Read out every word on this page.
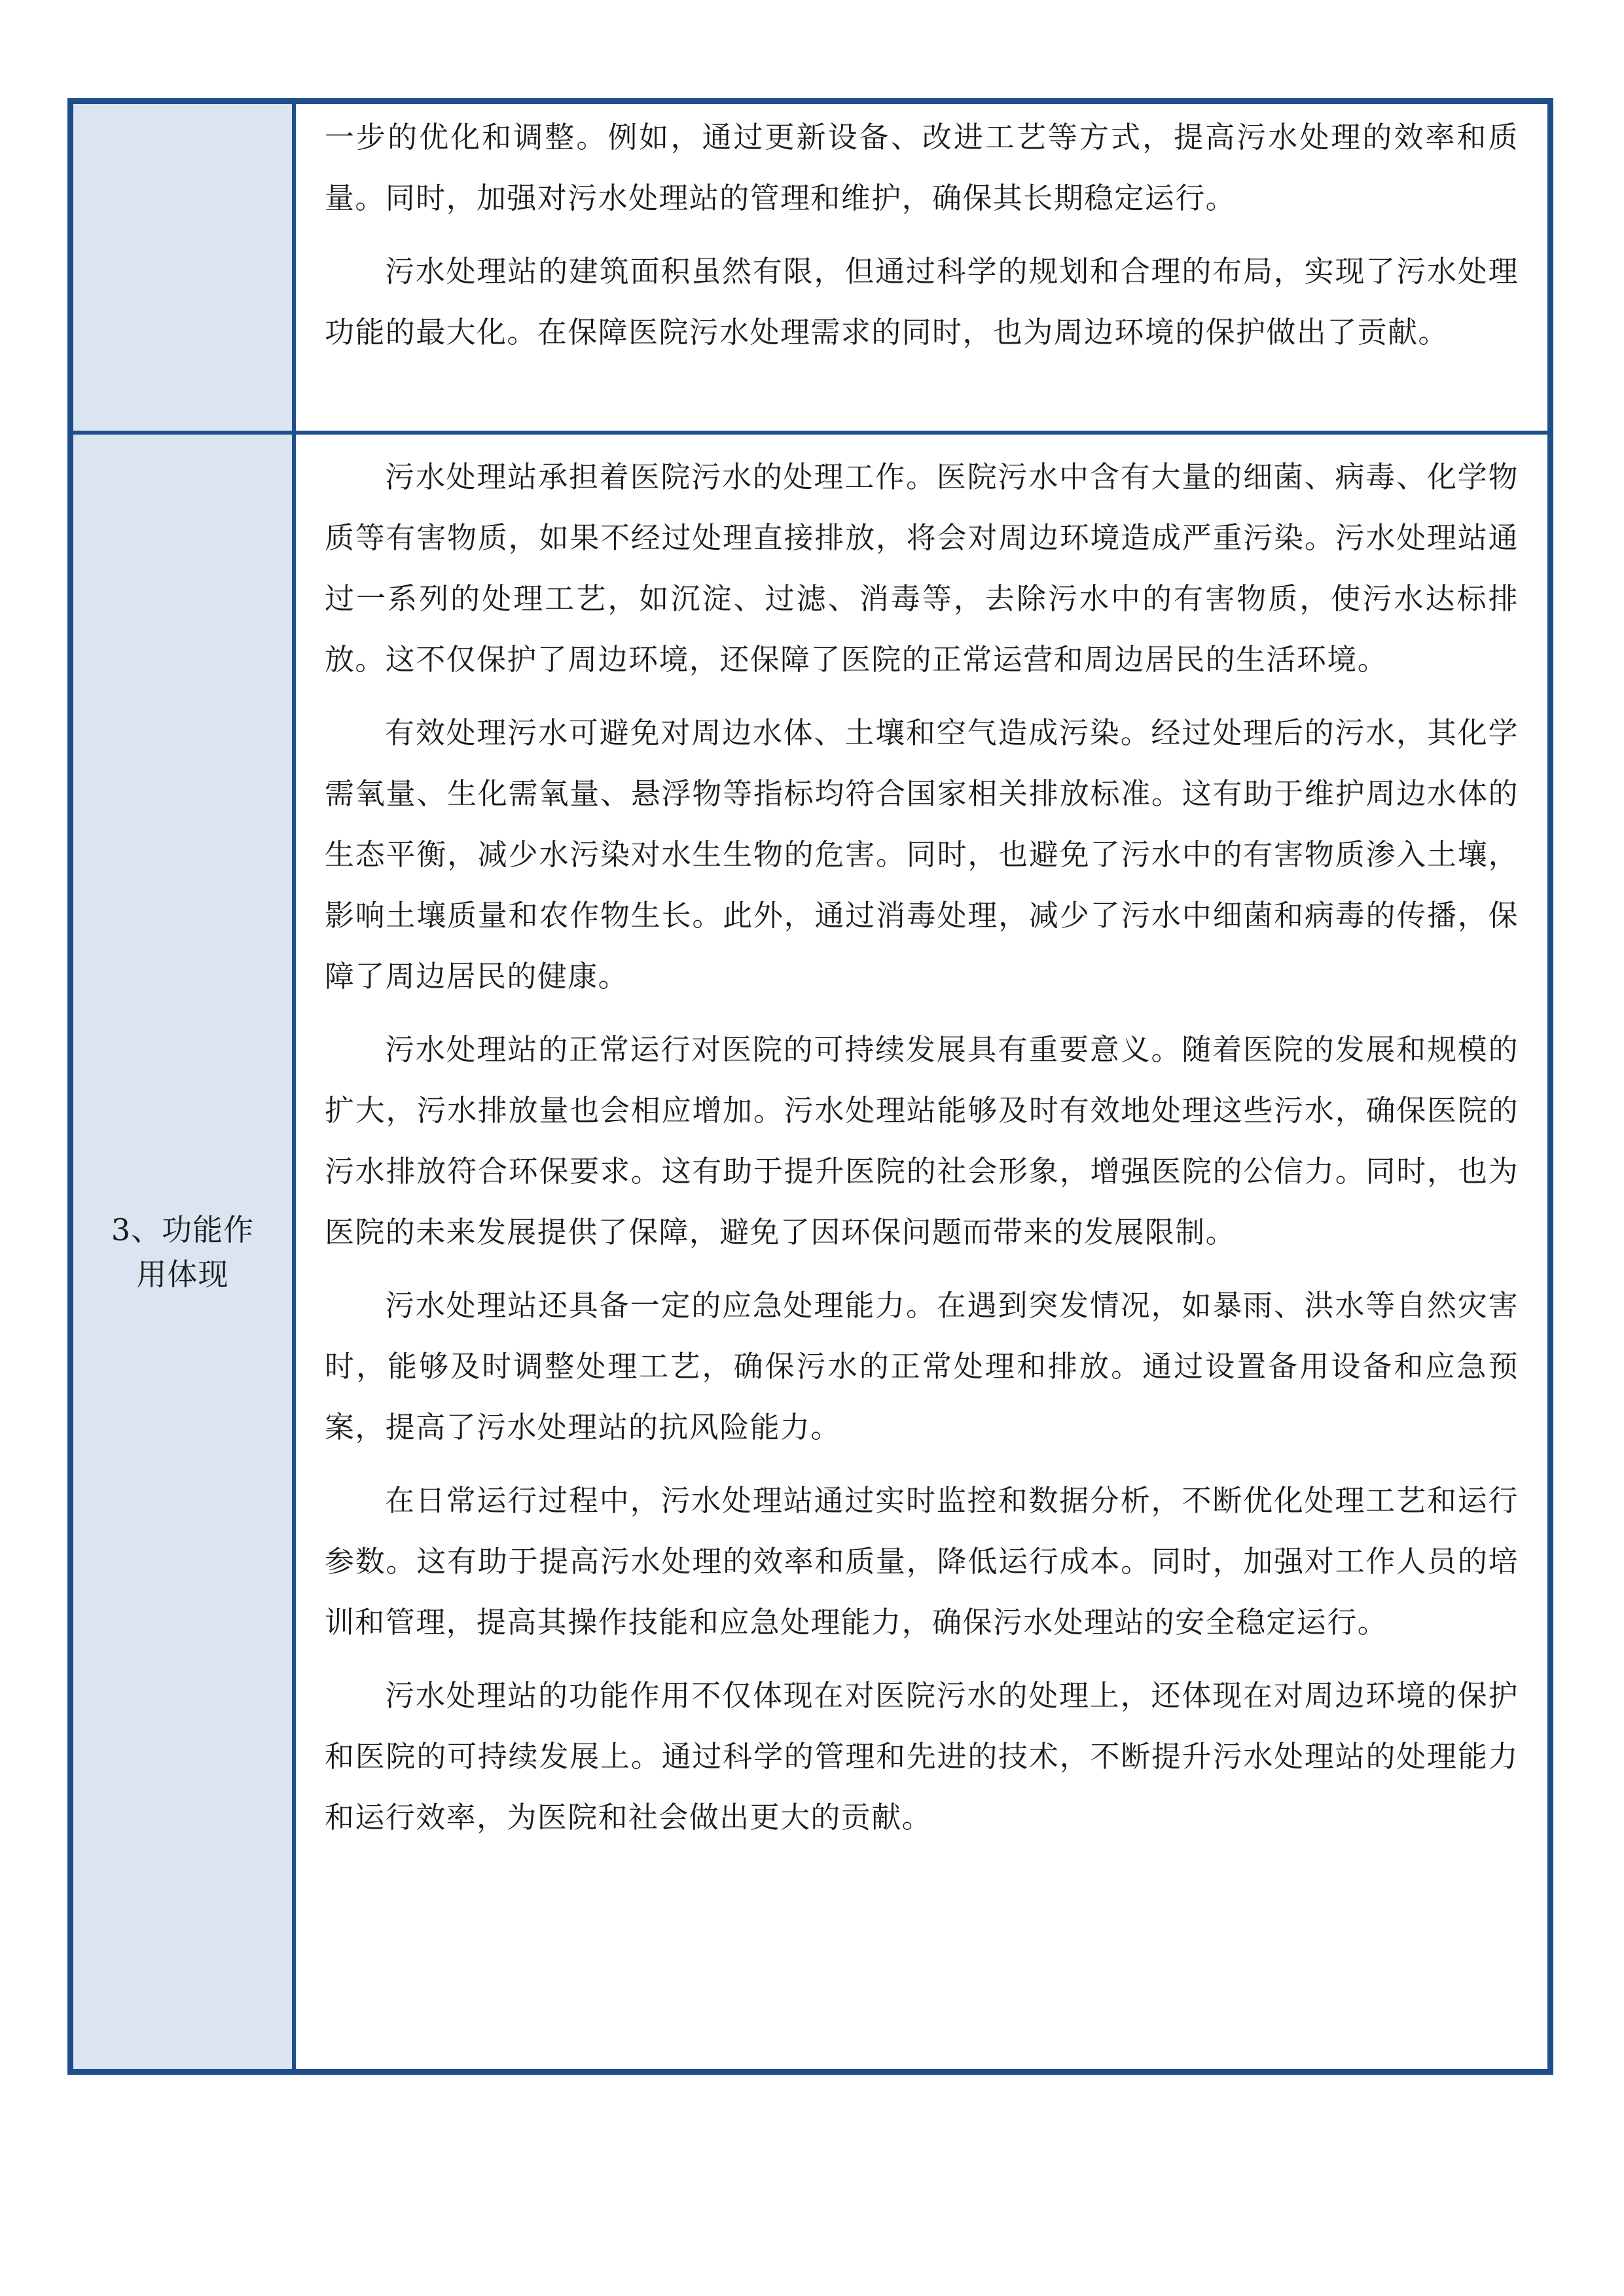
一步的优化和调整。例如，通过更新设备、改进工艺等方式，提高污水处理的效率和质量。同时，加强对污水处理站的管理和维护，确保其长期稳定运行。

污水处理站的建筑面积虽然有限，但通过科学的规划和合理的布局，实现了污水处理功能的最大化。在保障医院污水处理需求的同时，也为周边环境的保护做出了贡献。

3、功能作用体现

污水处理站承担着医院污水的处理工作。医院污水中含有大量的细菌、病毒、化学物质等有害物质，如果不经过处理直接排放，将会对周边环境造成严重污染。污水处理站通过一系列的处理工艺，如沉淀、过滤、消毒等，去除污水中的有害物质，使污水达标排放。这不仅保护了周边环境，还保障了医院的正常运营和周边居民的生活环境。

有效处理污水可避免对周边水体、土壤和空气造成污染。经过处理后的污水，其化学需氧量、生化需氧量、悬浮物等指标均符合国家相关排放标准。这有助于维护周边水体的生态平衡，减少水污染对水生生物的危害。同时，也避免了污水中的有害物质渗入土壤，影响土壤质量和农作物生长。此外，通过消毒处理，减少了污水中细菌和病毒的传播，保障了周边居民的健康。

污水处理站的正常运行对医院的可持续发展具有重要意义。随着医院的发展和规模的扩大，污水排放量也会相应增加。污水处理站能够及时有效地处理这些污水，确保医院的污水排放符合环保要求。这有助于提升医院的社会形象，增强医院的公信力。同时，也为医院的未来发展提供了保障，避免了因环保问题而带来的发展限制。

污水处理站还具备一定的应急处理能力。在遇到突发情况，如暴雨、洪水等自然灾害时，能够及时调整处理工艺，确保污水的正常处理和排放。通过设置备用设备和应急预案，提高了污水处理站的抗风险能力。

在日常运行过程中，污水处理站通过实时监控和数据分析，不断优化处理工艺和运行参数。这有助于提高污水处理的效率和质量，降低运行成本。同时，加强对工作人员的培训和管理，提高其操作技能和应急处理能力，确保污水处理站的安全稳定运行。

污水处理站的功能作用不仅体现在对医院污水的处理上，还体现在对周边环境的保护和医院的可持续发展上。通过科学的管理和先进的技术，不断提升污水处理站的处理能力和运行效率，为医院和社会做出更大的贡献。
